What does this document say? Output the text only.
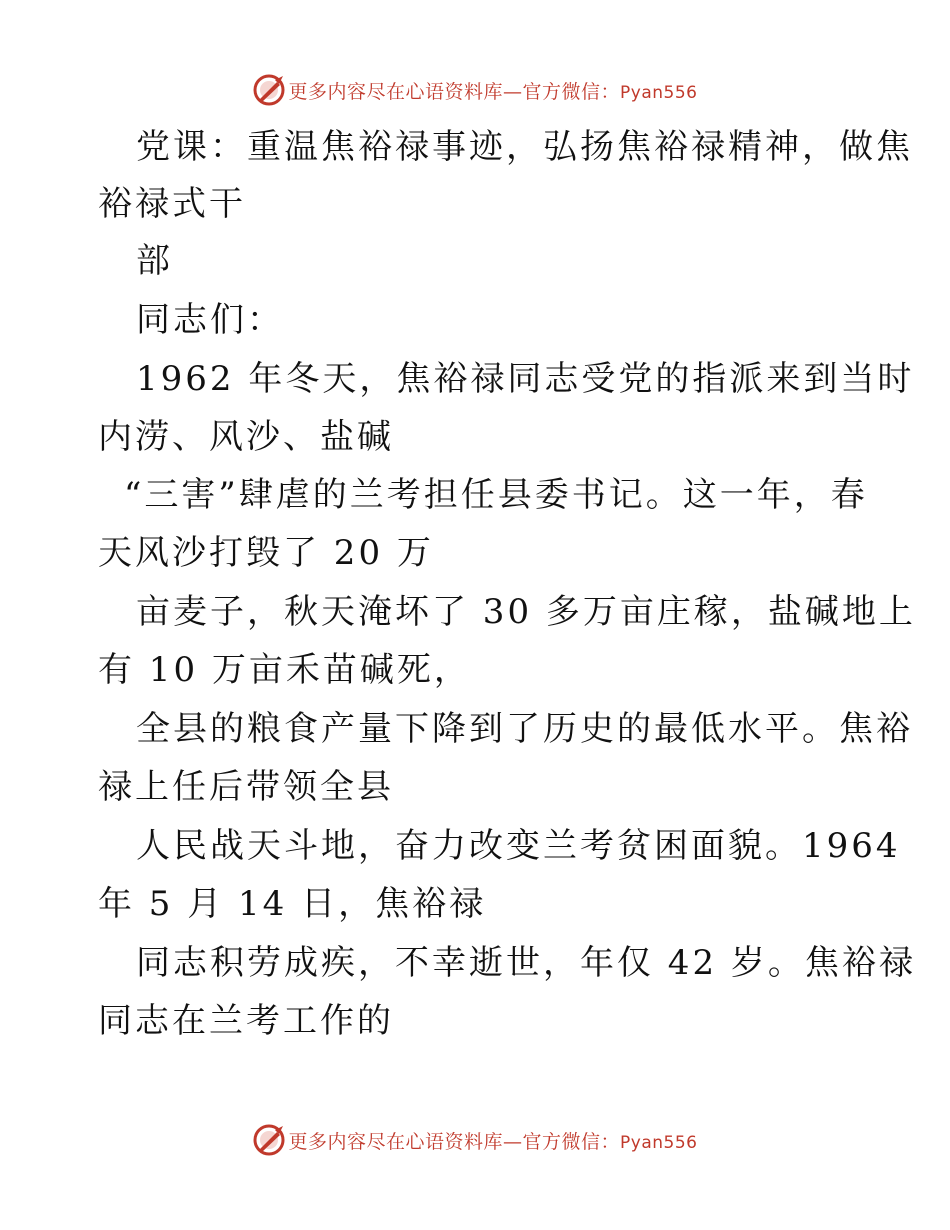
更多内容尽在心语资料库—官方微信：Pyan556
党课：重温焦裕禄事迹，弘扬焦裕禄精神，做焦
裕禄式干
部
同志们：
1962 年冬天，焦裕禄同志受党的指派来到当时
内涝、风沙、盐碱
“三害”肆虐的兰考担任县委书记。这一年，春
天风沙打毁了 20 万
亩麦子，秋天淹坏了 30 多万亩庄稼，盐碱地上
有 10 万亩禾苗碱死，
全县的粮食产量下降到了历史的最低水平。焦裕
禄上任后带领全县
人民战天斗地，奋力改变兰考贫困面貌。1964
年 5 月 14 日，焦裕禄
同志积劳成疾，不幸逝世，年仅 42 岁。焦裕禄
同志在兰考工作的
更多内容尽在心语资料库—官方微信：Pyan556
